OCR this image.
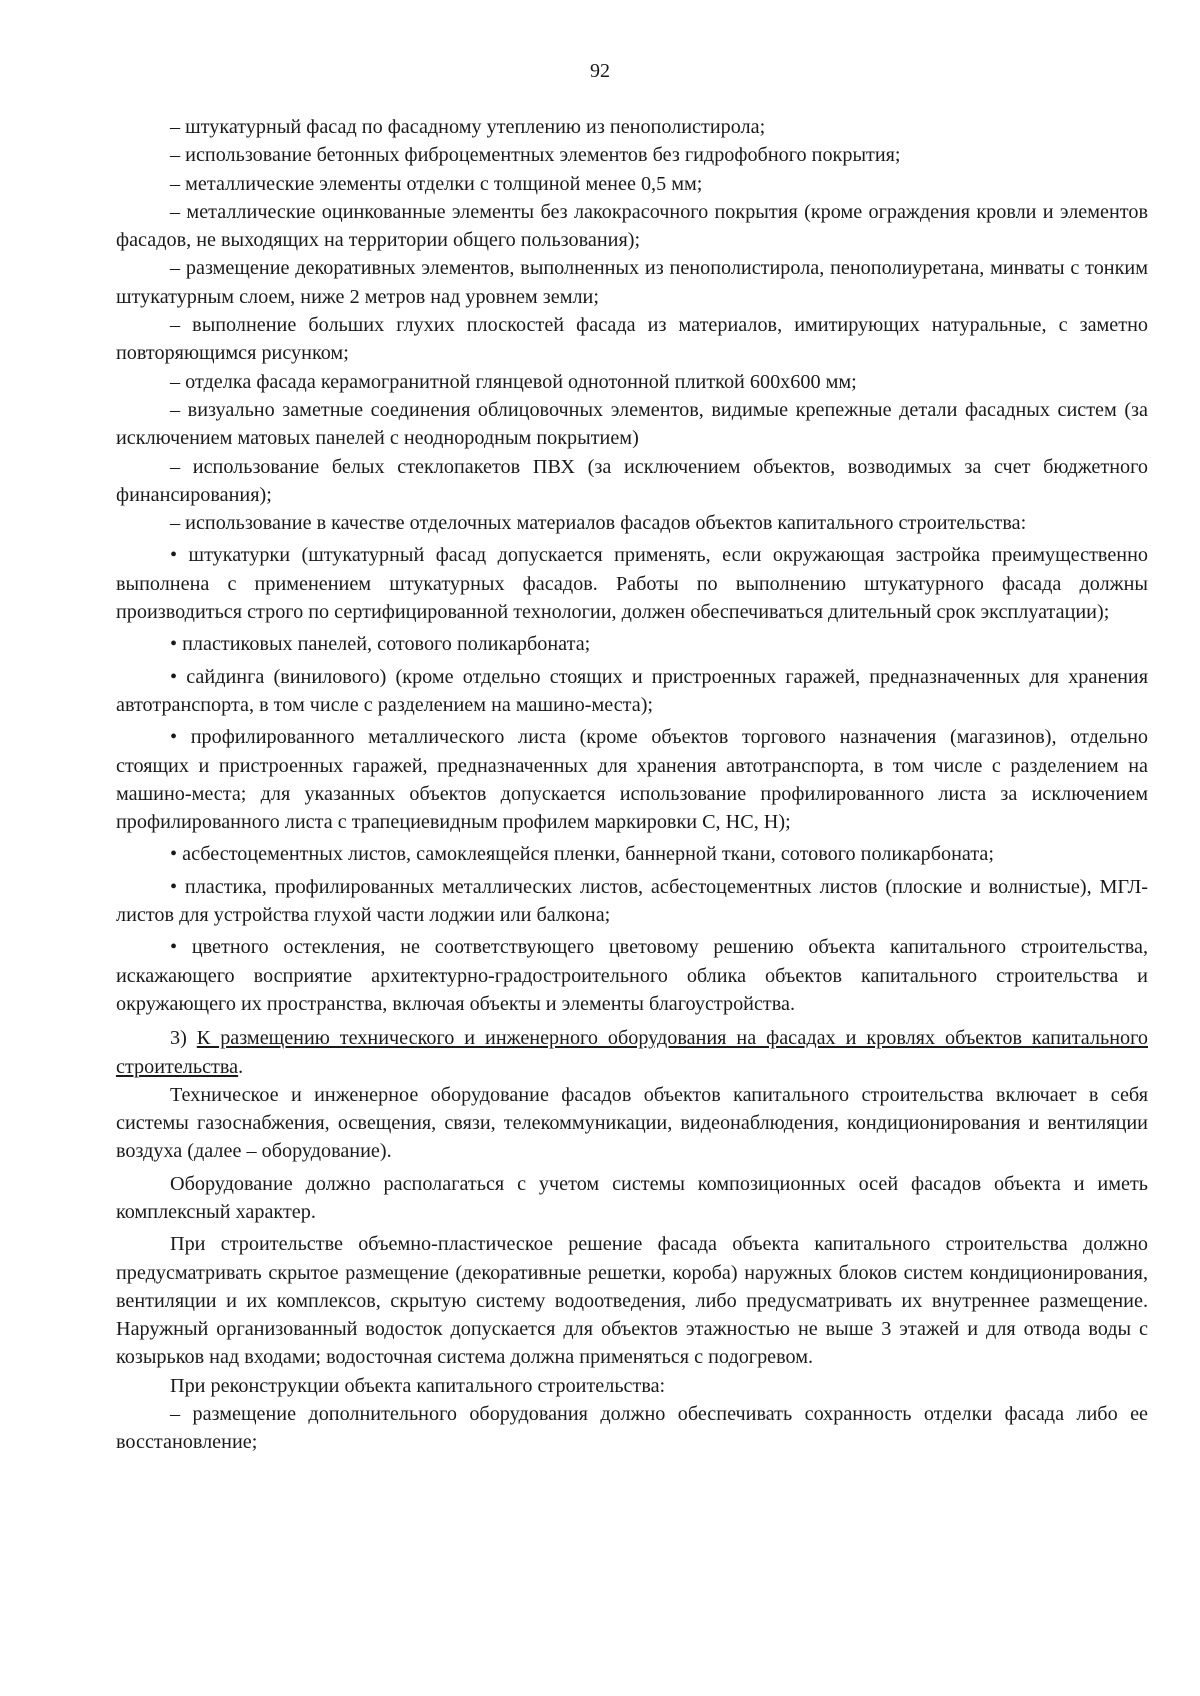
92

– штукатурный фасад по фасадному утеплению из пенополистирола;

– использование бетонных фиброцементных элементов без гидрофобного покрытия;

– металлические элементы отделки с толщиной менее 0,5 мм;

– металлические оцинкованные элементы без лакокрасочного покрытия (кроме ограждения кровли и элементов фасадов, не выходящих на территории общего пользования);

– размещение декоративных элементов, выполненных из пенополистирола, пенополиуретана, минваты с тонким штукатурным слоем, ниже 2 метров над уровнем земли;

– выполнение больших глухих плоскостей фасада из материалов, имитирующих натуральные, с заметно повторяющимся рисунком;

– отделка фасада керамогранитной глянцевой однотонной плиткой 600х600 мм;

– визуально заметные соединения облицовочных элементов, видимые крепежные детали фасадных систем (за исключением матовых панелей с неоднородным покрытием)

– использование белых стеклопакетов ПВХ (за исключением объектов, возводимых за счет бюджетного финансирования);

– использование в качестве отделочных материалов фасадов объектов капитального строительства:

• штукатурки (штукатурный фасад допускается применять, если окружающая застройка преимущественно выполнена с применением штукатурных фасадов. Работы по выполнению штукатурного фасада должны производиться строго по сертифицированной технологии, должен обеспечиваться длительный срок эксплуатации);

• пластиковых панелей, сотового поликарбоната;

• сайдинга (винилового) (кроме отдельно стоящих и пристроенных гаражей, предназначенных для хранения автотранспорта, в том числе с разделением на машино-места);

• профилированного металлического листа (кроме объектов торгового назначения (магазинов), отдельно стоящих и пристроенных гаражей, предназначенных для хранения автотранспорта, в том числе с разделением на машино-места; для указанных объектов допускается использование профилированного листа за исключением профилированного листа с трапециевидным профилем маркировки С, НС, Н);

• асбестоцементных листов, самоклеящейся пленки, баннерной ткани, сотового поликарбоната;

• пластика, профилированных металлических листов, асбестоцементных листов (плоские и волнистые), МГЛ-листов для устройства глухой части лоджии или балкона;

• цветного остекления, не соответствующего цветовому решению объекта капитального строительства, искажающего восприятие архитектурно-градостроительного облика объектов капитального строительства и окружающего их пространства, включая объекты и элементы благоустройства.

3) К размещению технического и инженерного оборудования на фасадах и кровлях объектов капитального строительства.

Техническое и инженерное оборудование фасадов объектов капитального строительства включает в себя системы газоснабжения, освещения, связи, телекоммуникации, видеонаблюдения, кондиционирования и вентиляции воздуха (далее – оборудование).

Оборудование должно располагаться с учетом системы композиционных осей фасадов объекта и иметь комплексный характер.

При строительстве объемно-пластическое решение фасада объекта капитального строительства должно предусматривать скрытое размещение (декоративные решетки, короба) наружных блоков систем кондиционирования, вентиляции и их комплексов, скрытую систему водоотведения, либо предусматривать их внутреннее размещение. Наружный организованный водосток допускается для объектов этажностью не выше 3 этажей и для отвода воды с козырьков над входами; водосточная система должна применяться с подогревом.

При реконструкции объекта капитального строительства:

– размещение дополнительного оборудования должно обеспечивать сохранность отделки фасада либо ее восстановление;
